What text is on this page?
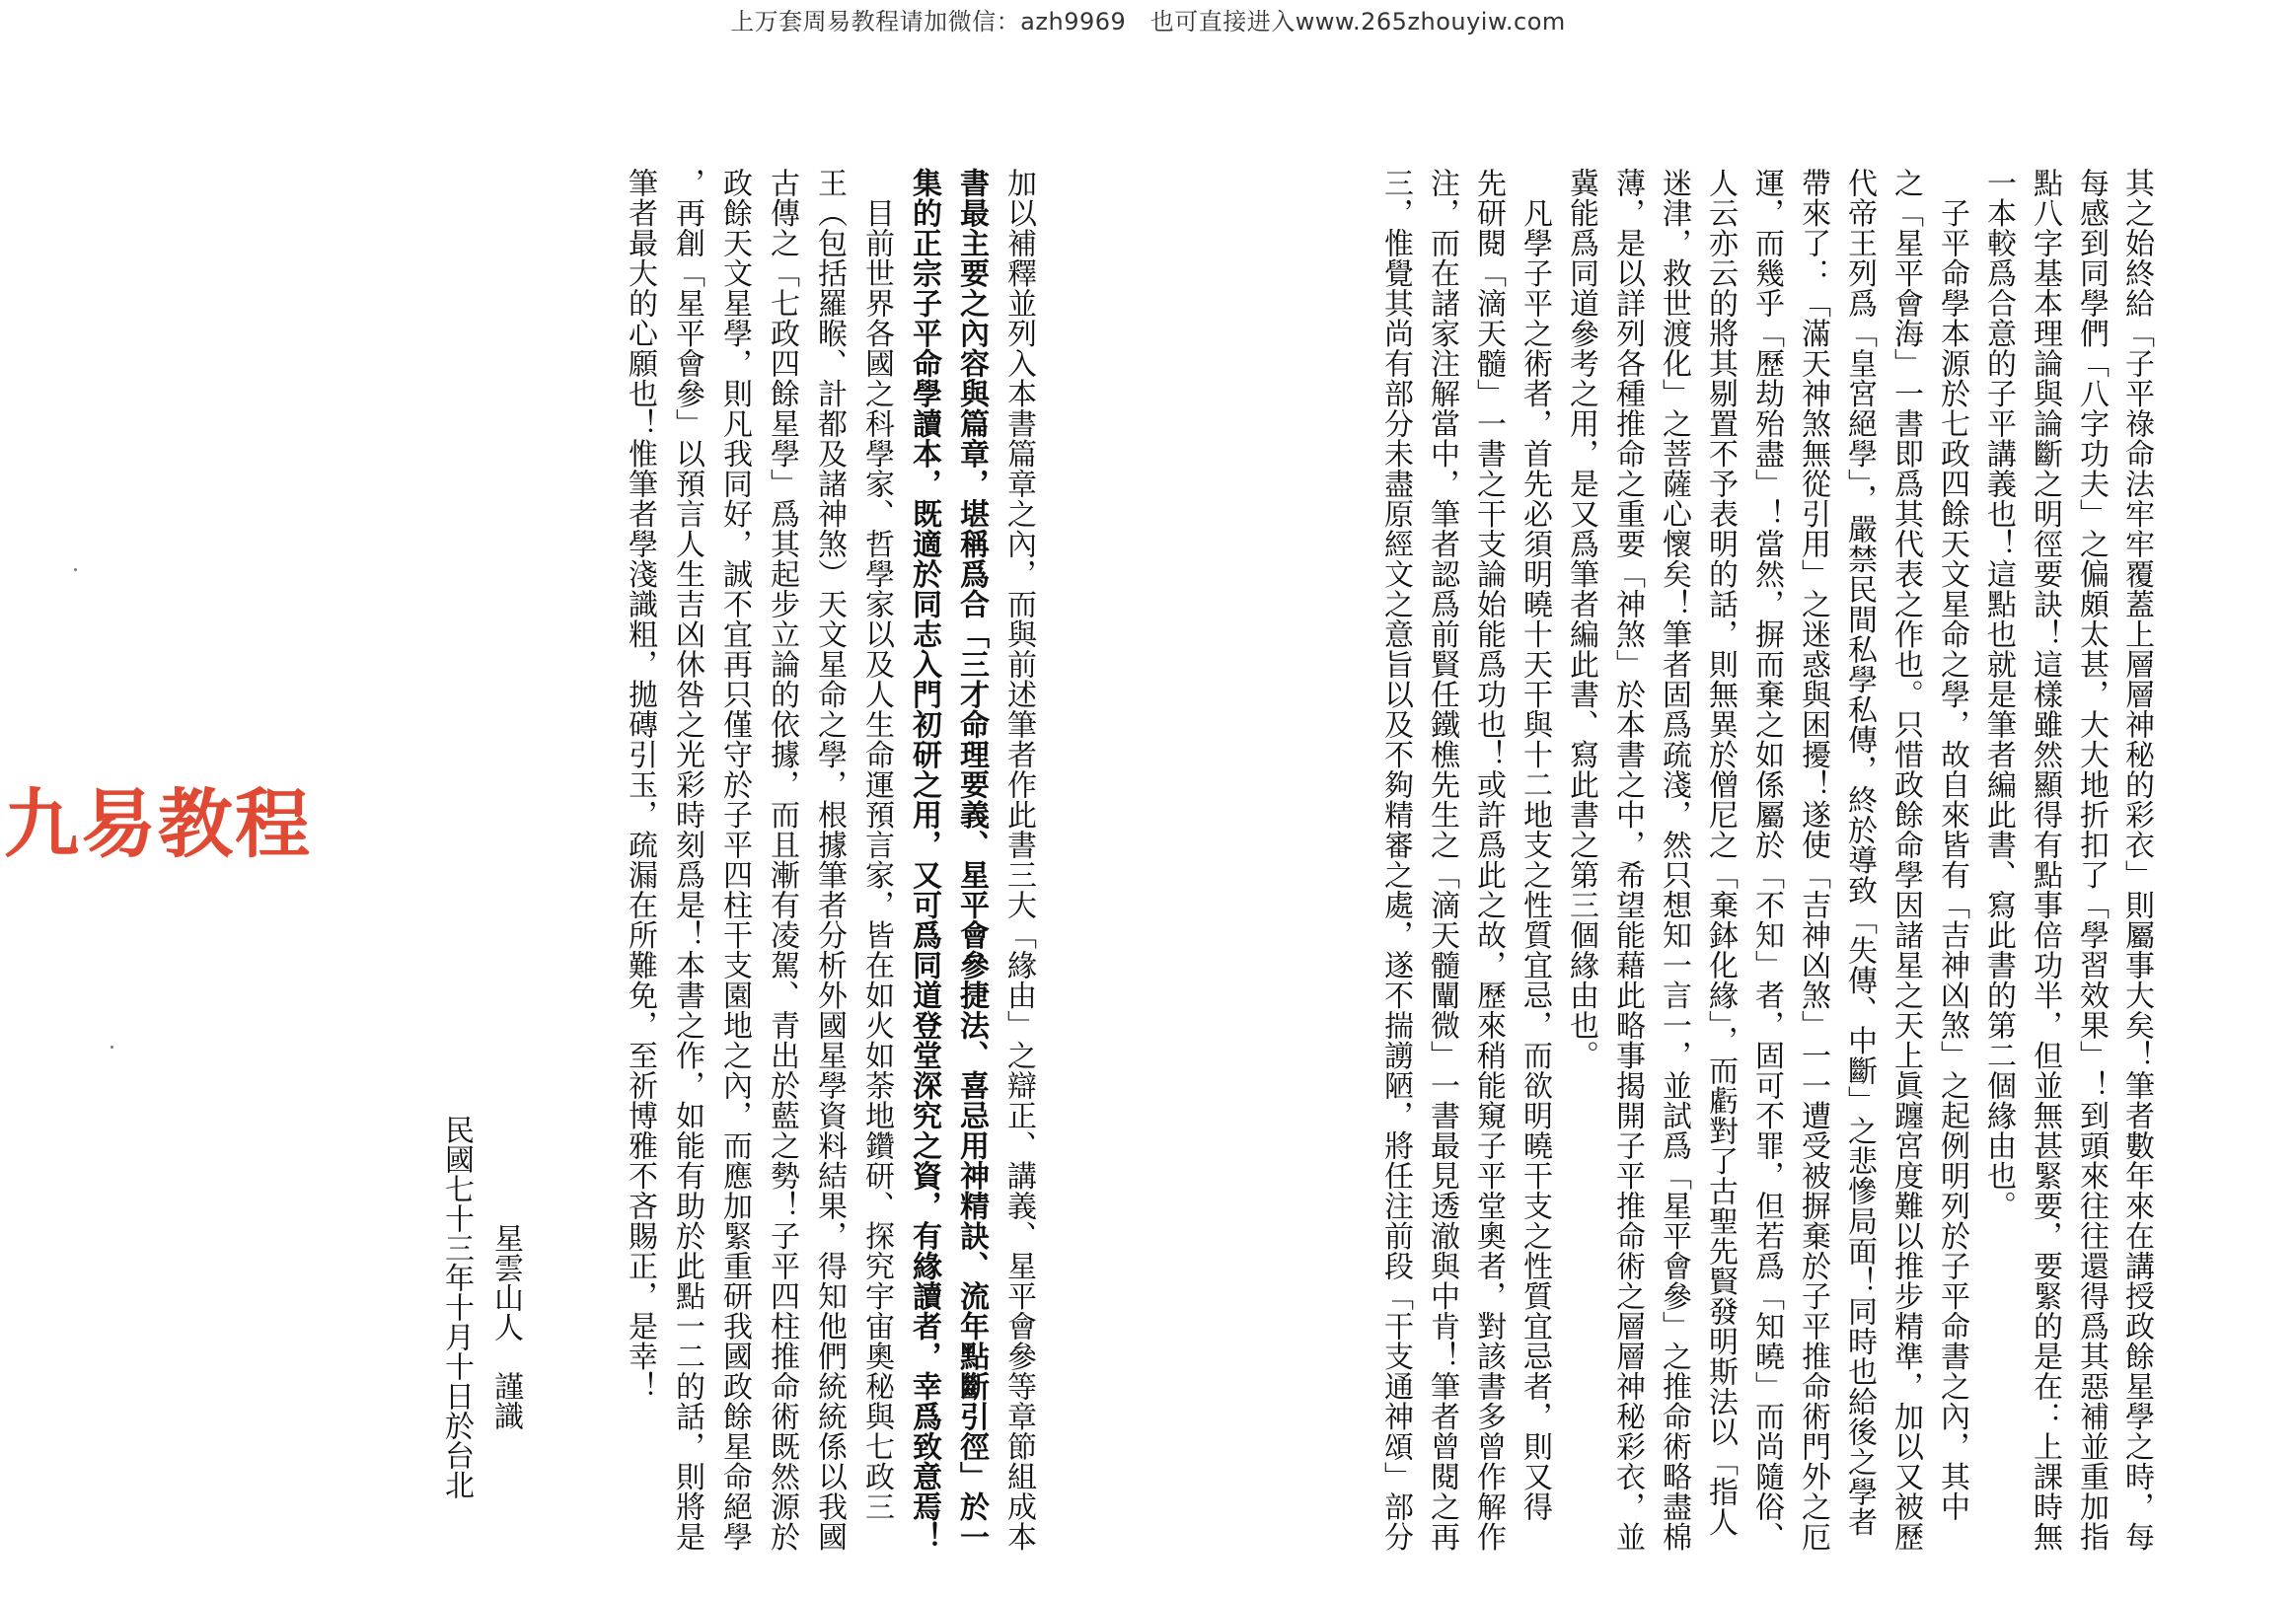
上万套周易教程请加微信：azh9969　也可直接进入www.265zhouyiw.com
九易教程	其之始終給「子平祿命法牢牢覆蓋上層層神秘的彩衣」則屬事大矣！筆者數年來在講授政餘星學之時，每
每感到同學們「八字功夫」之偏頗太甚，大大地折扣了「學習效果」！到頭來往往還得爲其惡補並重加指
點八字基本理論與論斷之明徑要訣！這樣雖然顯得有點事倍功半，但並無甚緊要，要緊的是在：上課時無
一本較爲合意的子平講義也！這點也就是筆者編此書、寫此書的第二個緣由也。
　子平命學本源於七政四餘天文星命之學，故自來皆有「吉神凶煞」之起例明列於子平命書之內，其中
之「星平會海」一書即爲其代表之作也。只惜政餘命學因諸星之天上眞躔宮度難以推步精準，加以又被歷
代帝王列爲「皇宮絕學」，嚴禁民間私學私傳，終於導致「失傳、中斷」之悲慘局面！同時也給後之學者
帶來了：「滿天神煞無從引用」之迷惑與困擾！遂使「吉神凶煞」一一遭受被摒棄於子平推命術門外之厄
運，而幾乎「歷劫殆盡」！當然，摒而棄之如係屬於「不知」者，固可不罪，但若爲「知曉」而尚隨俗、
人云亦云的將其剔置不予表明的話，則無異於僧尼之「棄鉢化緣」，而虧對了古聖先賢發明斯法以「指人
迷津，救世渡化」之菩薩心懷矣！筆者固爲疏淺，然只想知一言一，並試爲「星平會參」之推命術略盡棉
薄，是以詳列各種推命之重要「神煞」於本書之中，希望能藉此略事揭開子平推命術之層層神秘彩衣，並
冀能爲同道參考之用，是又爲筆者編此書、寫此書之第三個緣由也。
　凡學子平之術者，首先必須明曉十天干與十二地支之性質宜忌，而欲明曉干支之性質宜忌者，則又得
先研閱「滴天髓」一書之干支論始能爲功也！或許爲此之故，歷來稍能窺子平堂奧者，對該書多曾作解作
注，而在諸家注解當中，筆者認爲前賢任鐵樵先生之「滴天髓闡微」一書最見透澈與中肯！筆者曾閱之再
三，惟覺其尚有部分未盡原經文之意旨以及不夠精審之處，遂不揣謭陋，將任注前段「干支通神頌」部分
加以補釋並列入本書篇章之內，而與前述筆者作此書三大「緣由」之辯正、講義、星平會參等章節組成本
書最主要之內容與篇章，堪稱爲合「三才命理要義、星平會參捷法、喜忌用神精訣、流年點斷引徑」於一
集的正宗子平命學讀本，既適於同志入門初研之用，又可爲同道登堂深究之資，有緣讀者，幸爲致意焉！
　目前世界各國之科學家、哲學家以及人生命運預言家，皆在如火如荼地鑽研、探究宇宙奧秘與七政三
王（包括羅睺、計都及諸神煞）天文星命之學，根據筆者分析外國星學資料結果，得知他們統統係以我國
古傳之「七政四餘星學」爲其起步立論的依據，而且漸有凌駕、青出於藍之勢！子平四柱推命術既然源於
政餘天文星學，則凡我同好，誠不宜再只僅守於子平四柱干支園地之內，而應加緊重研我國政餘星命絕學
，再創「星平會參」以預言人生吉凶休咎之光彩時刻爲是！本書之作，如能有助於此點一二的話，則將是
筆者最大的心願也！惟筆者學淺識粗，拋磚引玉，疏漏在所難免，至祈博雅不吝賜正，是幸！
星雲山人　謹識
民國七十三年十月十日於台北
